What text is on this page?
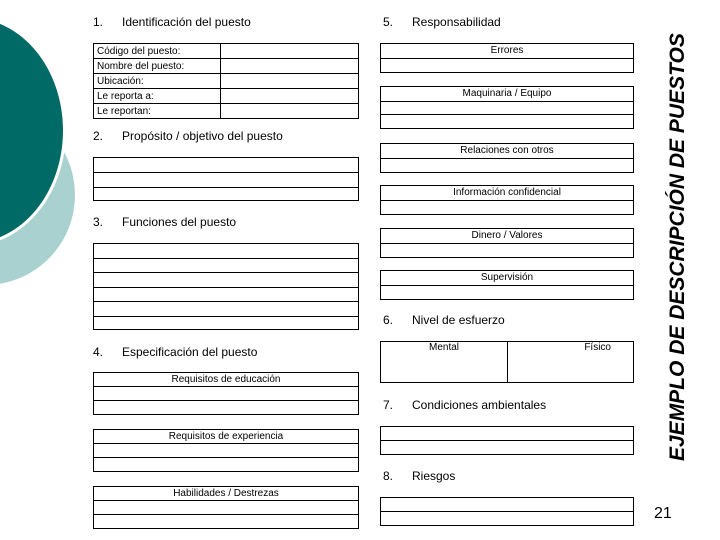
1. Identificación del puesto
Código del puesto:	
Nombre del puesto:	
Ubicación:	
Le reporta a:	
Le reportan:	
2. Propósito / objetivo del puesto
3. Funciones del puesto
4. Especificación del puesto
Requisitos de educación
Requisitos de experiencia
Habilidades / Destrezas
5. Responsabilidad
Errores
Maquinaria / Equipo
Relaciones con otros
Información confidencial
Dinero / Valores
Supervisión
6. Nivel de esfuerzo
Mental	Físico
7. Condiciones ambientales
8. Riesgos
EJEMPLO DE DESCRIPCIÓN DE PUESTOS
21
